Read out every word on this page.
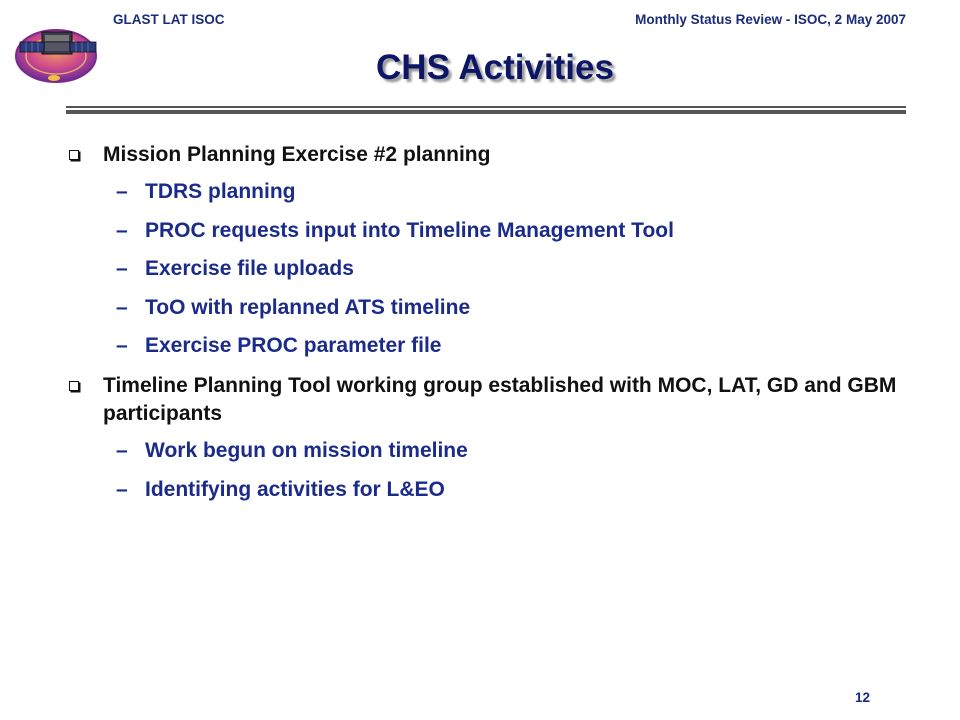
GLAST LAT ISOC	Monthly Status Review - ISOC, 2 May 2007
CHS Activities
Mission Planning Exercise #2 planning
– TDRS planning
– PROC requests input into Timeline Management Tool
– Exercise file uploads
– ToO with replanned ATS timeline
– Exercise PROC parameter file
Timeline Planning Tool working group established with MOC, LAT, GD and GBM participants
– Work begun on mission timeline
– Identifying activities for L&EO
12
